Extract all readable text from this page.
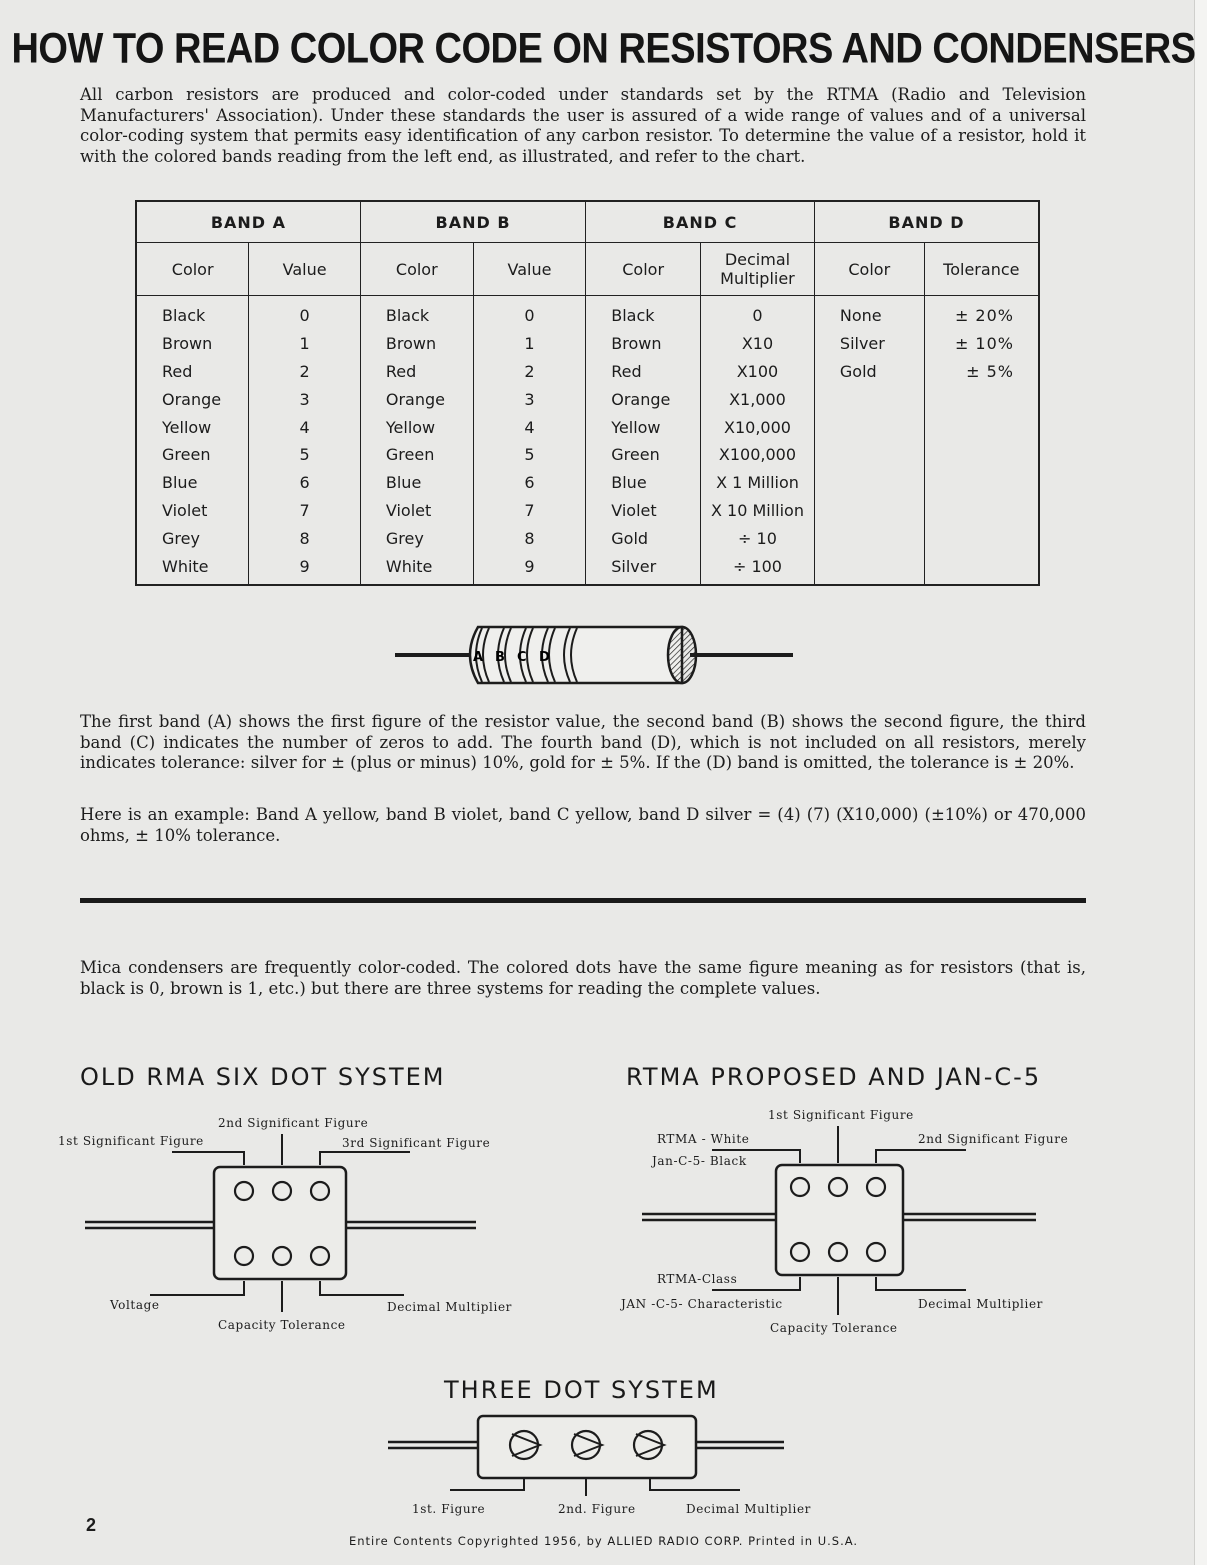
HOW TO READ COLOR CODE ON RESISTORS AND CONDENSERS
All carbon resistors are produced and color-coded under standards set by the RTMA (Radio and Television Manufacturers' Association). Under these standards the user is assured of a wide range of values and of a universal color-coding system that permits easy identification of any carbon resistor. To determine the value of a resistor, hold it with the colored bands reading from the left end, as illustrated, and refer to the chart.
BAND A		BAND B		BAND C		BAND D	
Color	Value	Color	Value	Color	Decimal Multiplier	Color	Tolerance
Black	0	Black	0	Black	0	None	± 20%
Brown	1	Brown	1	Brown	X10	Silver	± 10%
Red	2	Red	2	Red	X100	Gold	± 5%
Orange	3	Orange	3	Orange	X1,000		
Yellow	4	Yellow	4	Yellow	X10,000		
Green	5	Green	5	Green	X100,000		
Blue	6	Blue	6	Blue	X 1 Million		
Violet	7	Violet	7	Violet	X 10 Million		
Grey	8	Grey	8	Gold	÷ 10		
White	9	White	9	Silver	÷ 100		
The first band (A) shows the first figure of the resistor value, the second band (B) shows the second figure, the third band (C) indicates the number of zeros to add. The fourth band (D), which is not included on all resistors, merely indicates tolerance: silver for ± (plus or minus) 10%, gold for ± 5%. If the (D) band is omitted, the tolerance is ± 20%.
Here is an example: Band A yellow, band B violet, band C yellow, band D silver = (4) (7) (X10,000) (±10%) or 470,000 ohms, ± 10% tolerance.
Mica condensers are frequently color-coded. The colored dots have the same figure meaning as for resistors (that is, black is 0, brown is 1, etc.) but there are three systems for reading the complete values.
OLD RMA SIX DOT SYSTEM	RTMA PROPOSED AND JAN-C-5
THREE DOT SYSTEM
2nd Significant Figure
1st Significant Figure	3rd Significant Figure
Voltage	Decimal Multiplier
Capacity Tolerance
1st Significant Figure
RTMA - White	2nd Significant Figure
Jan-C-5- Black
RTMA-Class
JAN -C-5- Characteristic	Decimal Multiplier
Capacity Tolerance
1st. Figure	2nd. Figure	Decimal Multiplier
2
Entire Contents Copyrighted 1956, by ALLIED RADIO CORP. Printed in U.S.A.
A B C D
